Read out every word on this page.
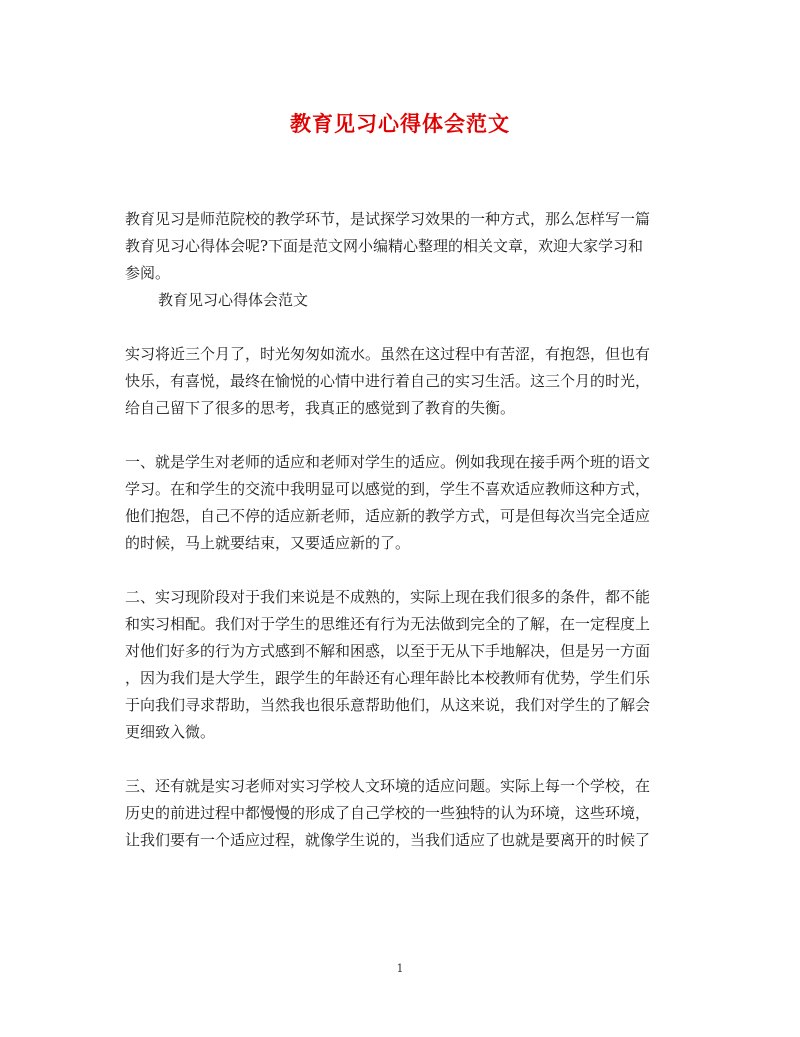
教育见习心得体会范文

教育见习是师范院校的教学环节，是试探学习效果的一种方式，那么怎样写一篇
教育见习心得体会呢?下面是范文网小编精心整理的相关文章，欢迎大家学习和
参阅。

教育见习心得体会范文

实习将近三个月了，时光匆匆如流水。虽然在这过程中有苦涩，有抱怨，但也有
快乐，有喜悦，最终在愉悦的心情中进行着自己的实习生活。这三个月的时光，
给自己留下了很多的思考，我真正的感觉到了教育的失衡。

一、就是学生对老师的适应和老师对学生的适应。例如我现在接手两个班的语文
学习。在和学生的交流中我明显可以感觉的到，学生不喜欢适应教师这种方式，
他们抱怨，自己不停的适应新老师，适应新的教学方式，可是但每次当完全适应
的时候，马上就要结束，又要适应新的了。

二、实习现阶段对于我们来说是不成熟的，实际上现在我们很多的条件，都不能
和实习相配。我们对于学生的思维还有行为无法做到完全的了解，在一定程度上
对他们好多的行为方式感到不解和困惑，以至于无从下手地解决，但是另一方面
，因为我们是大学生，跟学生的年龄还有心理年龄比本校教师有优势，学生们乐
于向我们寻求帮助，当然我也很乐意帮助他们，从这来说，我们对学生的了解会
更细致入微。

三、还有就是实习老师对实习学校人文环境的适应问题。实际上每一个学校，在
历史的前进过程中都慢慢的形成了自己学校的一些独特的认为环境，这些环境，
让我们要有一个适应过程，就像学生说的，当我们适应了也就是要离开的时候了

1
